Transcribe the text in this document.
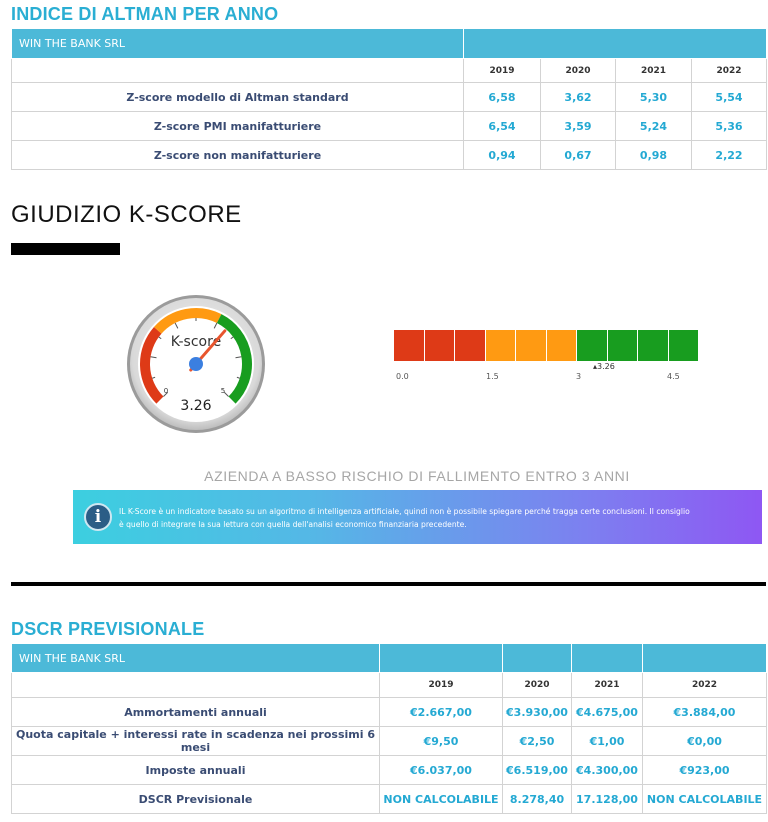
INDICE DI ALTMAN PER ANNO
WIN THE BANK SRL				
	2019	2020	2021	2022
Z-score modello di Altman standard	6,58	3,62	5,30	5,54
Z-score PMI manifatturiere	6,54	3,59	5,24	5,36
Z-score non manifatturiere	0,94	0,67	0,98	2,22
GIUDIZIO K-SCORE
K-score
0	5
3.26
0.0	1.5	3	4.5
▴3.26
AZIENDA A BASSO RISCHIO DI FALLIMENTO ENTRO 3 ANNI
i	IL K-Score è un indicatore basato su un algoritmo di intelligenza artificiale, quindi non è possibile spiegare perché tragga certe conclusioni. Il consiglio
è quello di integrare la sua lettura con quella dell'analisi economico finanziaria precedente.
DSCR PREVISIONALE
WIN THE BANK SRL				
	2019	2020	2021	2022
Ammortamenti annuali	€2.667,00	€3.930,00	€4.675,00	€3.884,00
Quota capitale + interessi rate in scadenza nei prossimi 6 mesi	€9,50	€2,50	€1,00	€0,00
Imposte annuali	€6.037,00	€6.519,00	€4.300,00	€923,00
DSCR Previsionale	NON CALCOLABILE	8.278,40	17.128,00	NON CALCOLABILE
